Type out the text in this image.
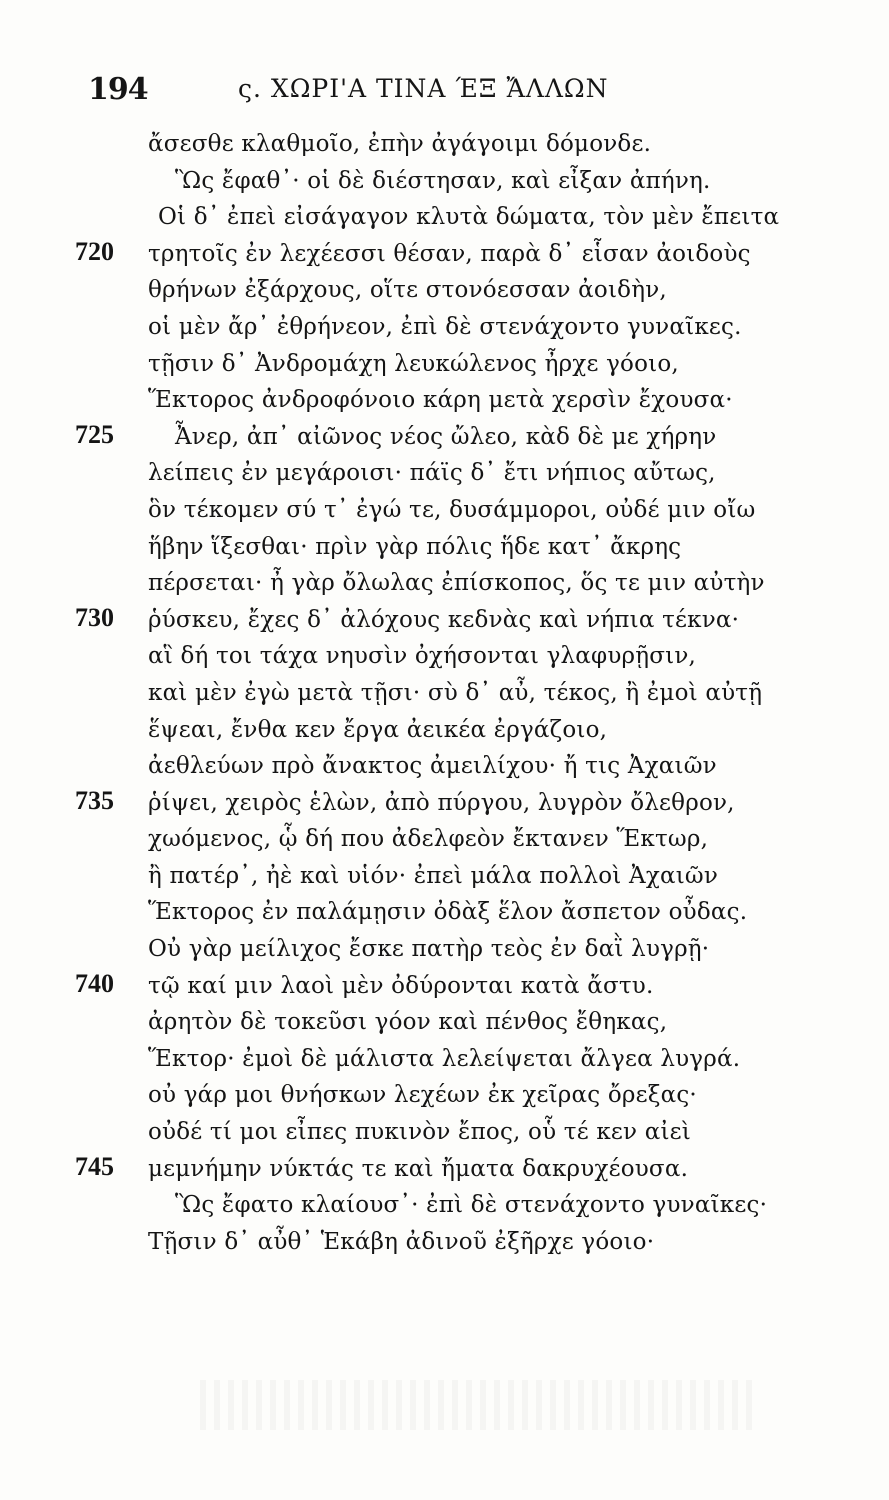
194	ς. ΧΩΡΙ'Α ΤΙΝΑ ΈΞ ἌΛΛΩΝ
ἄσεσθε κλαθμοῖο, ἐπὴν ἀγάγοιμι δόμονδε.
Ὣς ἔφαθ᾽· οἱ δὲ διέστησαν, καὶ εἶξαν ἀπήνη.
Οἱ δ᾽ ἐπεὶ εἰσάγαγον κλυτὰ δώματα, τὸν μὲν ἔπειτα
720 τρητοῖς ἐν λεχέεσσι θέσαν, παρὰ δ᾽ εἷσαν ἀοιδοὺς
θρήνων ἐξάρχους, οἵτε στονόεσσαν ἀοιδὴν,
οἱ μὲν ἄρ᾽ ἐθρήνεον, ἐπὶ δὲ στενάχοντο γυναῖκες.
τῇσιν δ᾽ Ἀνδρομάχη λευκώλενος ἦρχε γόοιο,
Ἕκτορος ἀνδροφόνοιο κάρη μετὰ χερσὶν ἔχουσα·
725	Ἆνερ, ἀπ᾽ αἰῶνος νέος ὤλεο, κὰδ δὲ με χήρην
λείπεις ἐν μεγάροισι· πάϊς δ᾽ ἔτι νήπιος αὔτως,
ὃν τέκομεν σύ τ᾽ ἐγώ τε, δυσάμμοροι, οὐδέ μιν οἴω
ἥβην ἵξεσθαι· πρὶν γὰρ πόλις ἥδε κατ᾽ ἄκρης
πέρσεται· ἦ γὰρ ὄλωλας ἐπίσκοπος, ὅς τε μιν αὐτὴν
730 ῥύσκευ, ἔχες δ᾽ ἀλόχους κεδνὰς καὶ νήπια τέκνα·
αἳ δή τοι τάχα νηυσὶν ὀχήσονται γλαφυρῇσιν,
καὶ μὲν ἐγὼ μετὰ τῇσι· σὺ δ᾽ αὖ, τέκος, ἢ ἐμοὶ αὐτῇ
ἕψεαι, ἔνθα κεν ἔργα ἀεικέα ἐργάζοιο,
ἀεθλεύων πρὸ ἄνακτος ἀμειλίχου· ἤ τις Ἀχαιῶν
735 ῥίψει, χειρὸς ἑλὼν, ἀπὸ πύργου, λυγρὸν ὄλεθρον,
χωόμενος, ᾧ δή που ἀδελφεὸν ἔκτανεν Ἕκτωρ,
ἢ πατέρ᾽, ἠὲ καὶ υἱόν· ἐπεὶ μάλα πολλοὶ Ἀχαιῶν
Ἕκτορος ἐν παλάμῃσιν ὀδὰξ ἕλον ἄσπετον οὖδας.
Οὐ γὰρ μείλιχος ἔσκε πατὴρ τεὸς ἐν δαῒ λυγρῇ·
740 τῷ καί μιν λαοὶ μὲν ὀδύρονται κατὰ ἄστυ.
ἀρητὸν δὲ τοκεῦσι γόον καὶ πένθος ἔθηκας,
Ἕκτορ· ἐμοὶ δὲ μάλιστα λελείψεται ἄλγεα λυγρά.
οὐ γάρ μοι θνήσκων λεχέων ἐκ χεῖρας ὄρεξας·
οὐδέ τί μοι εἶπες πυκινὸν ἔπος, οὗ τέ κεν αἰεὶ
745 μεμνήμην νύκτάς τε καὶ ἤματα δακρυχέουσα.
Ὣς ἔφατο κλαίουσ᾽· ἐπὶ δὲ στενάχοντο γυναῖκες·
Τῇσιν δ᾽ αὖθ᾽ Ἑκάβη ἀδινοῦ ἐξῆρχε γόοιο·
